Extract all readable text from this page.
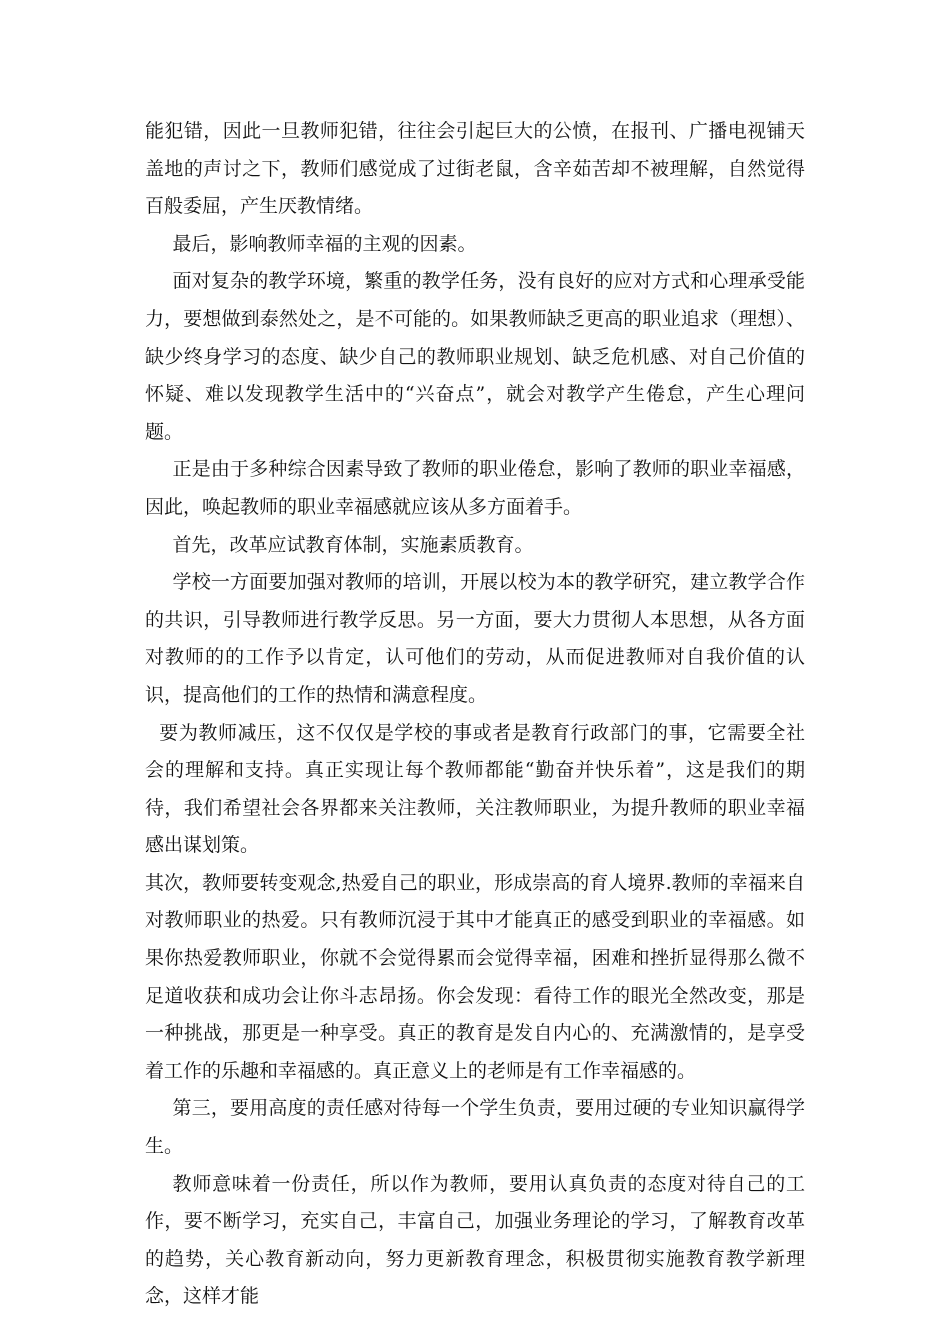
能犯错，因此一旦教师犯错，往往会引起巨大的公愤，在报刊、广播电视铺天盖地的声讨之下，教师们感觉成了过街老鼠，含辛茹苦却不被理解，自然觉得百般委屈，产生厌教情绪。

最后，影响教师幸福的主观的因素。

面对复杂的教学环境，繁重的教学任务，没有良好的应对方式和心理承受能力，要想做到泰然处之，是不可能的。如果教师缺乏更高的职业追求（理想）、缺少终身学习的态度、缺少自己的教师职业规划、缺乏危机感、对自己价值的怀疑、难以发现教学生活中的“兴奋点”，就会对教学产生倦怠，产生心理问题。

正是由于多种综合因素导致了教师的职业倦怠，影响了教师的职业幸福感，因此，唤起教师的职业幸福感就应该从多方面着手。

首先，改革应试教育体制，实施素质教育。

学校一方面要加强对教师的培训，开展以校为本的教学研究，建立教学合作的共识，引导教师进行教学反思。另一方面，要大力贯彻人本思想，从各方面对教师的的工作予以肯定，认可他们的劳动，从而促进教师对自我价值的认识，提高他们的工作的热情和满意程度。

要为教师减压，这不仅仅是学校的事或者是教育行政部门的事，它需要全社会的理解和支持。真正实现让每个教师都能“勤奋并快乐着”，这是我们的期待，我们希望社会各界都来关注教师，关注教师职业，为提升教师的职业幸福感出谋划策。

其次，教师要转变观念,热爱自己的职业，形成崇高的育人境界.教师的幸福来自对教师职业的热爱。只有教师沉浸于其中才能真正的感受到职业的幸福感。如果你热爱教师职业，你就不会觉得累而会觉得幸福，困难和挫折显得那么微不足道收获和成功会让你斗志昂扬。你会发现：看待工作的眼光全然改变，那是一种挑战，那更是一种享受。真正的教育是发自内心的、充满激情的，是享受着工作的乐趣和幸福感的。真正意义上的老师是有工作幸福感的。

第三，要用高度的责任感对待每一个学生负责，要用过硬的专业知识赢得学生。

教师意味着一份责任，所以作为教师，要用认真负责的态度对待自己的工作，要不断学习，充实自己，丰富自己，加强业务理论的学习，了解教育改革的趋势，关心教育新动向，努力更新教育理念，积极贯彻实施教育教学新理念，这样才能
